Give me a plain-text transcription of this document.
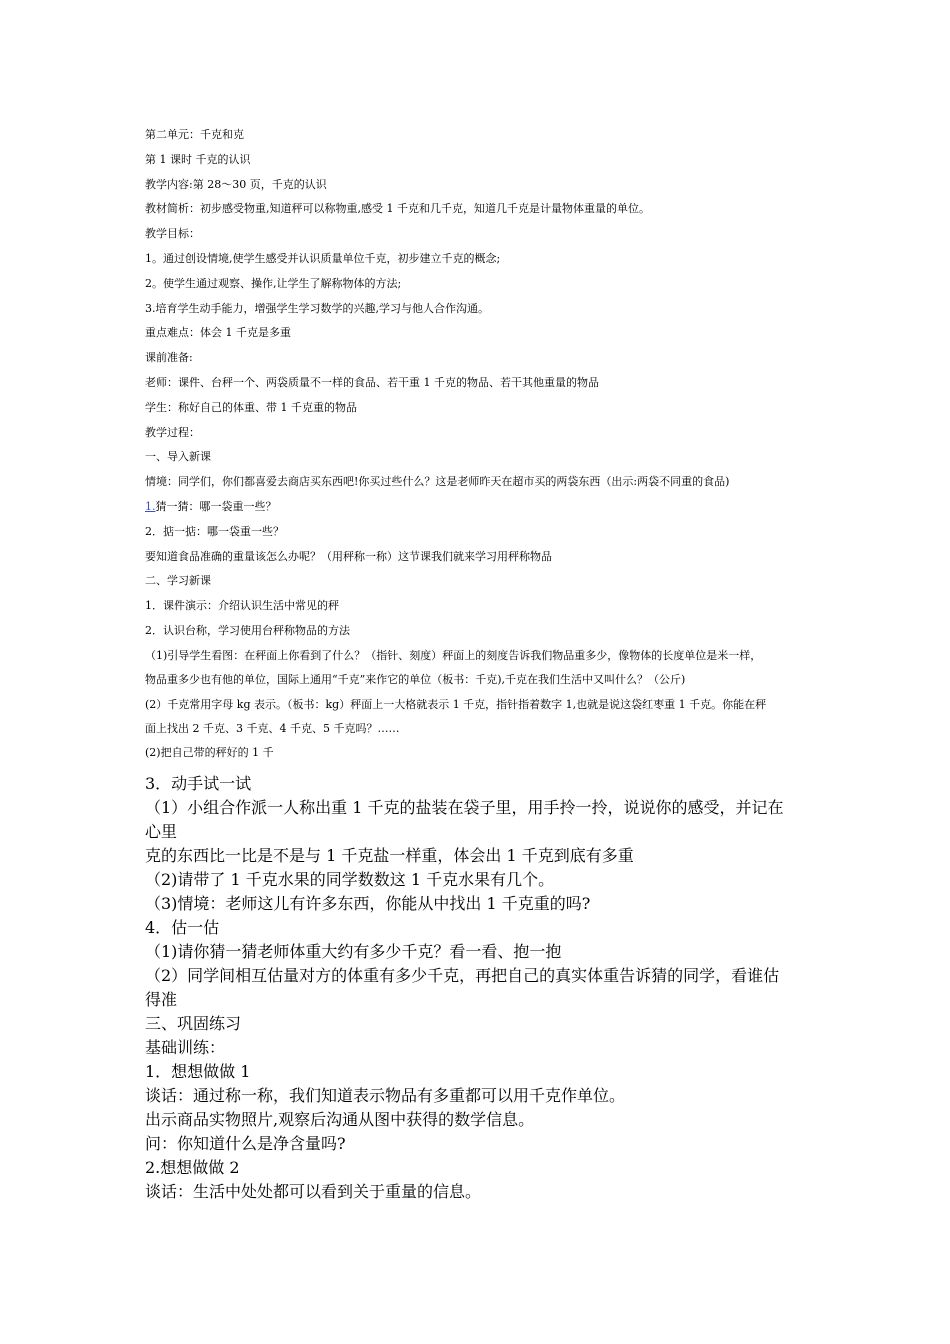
第二单元：千克和克
第 1 课时 千克的认识
教学内容:第 28～30 页，千克的认识
教材简析：初步感受物重,知道秤可以称物重,感受 1 千克和几千克，知道几千克是计量物体重量的单位。
教学目标：
1。通过创设情境,使学生感受并认识质量单位千克，初步建立千克的概念;
2。使学生通过观察、操作,让学生了解称物体的方法;
3.培育学生动手能力，增强学生学习数学的兴趣,学习与他人合作沟通。
重点难点：体会 1 千克是多重
课前准备:
老师：课件、台秤一个、两袋质量不一样的食品、若干重 1 千克的物品、若干其他重量的物品
学生：称好自己的体重、带 1 千克重的物品
教学过程：
一、导入新课
情境：同学们，你们都喜爱去商店买东西吧!你买过些什么？这是老师昨天在超市买的两袋东西（出示:两袋不同重的食品)
1.猜一猜：哪一袋重一些？
2．掂一掂：哪一袋重一些？
要知道食品准确的重量该怎么办呢？（用秤称一称）这节课我们就来学习用秤称物品
二、学习新课
1．课件演示：介绍认识生活中常见的秤
2．认识台称，学习使用台秤称物品的方法
（1)引导学生看图：在秤面上你看到了什么？（指针、刻度）秤面上的刻度告诉我们物品重多少，像物体的长度单位是米一样，
物品重多少也有他的单位，国际上通用“千克”来作它的单位（板书：千克),千克在我们生活中又叫什么？（公斤)
(2）千克常用字母 kg 表示。（板书：kg）秤面上一大格就表示 1 千克，指针指着数字 1,也就是说这袋红枣重 1 千克。你能在秤
面上找出 2 千克、3 千克、4 千克、5 千克吗？……
(2)把自己带的秤好的 1 千
3．动手试一试
（1）小组合作派一人称出重 1 千克的盐装在袋子里，用手拎一拎，说说你的感受，并记在
心里
克的东西比一比是不是与 1 千克盐一样重，体会出 1 千克到底有多重
（2)请带了 1 千克水果的同学数数这 1 千克水果有几个。
（3)情境：老师这儿有许多东西，你能从中找出 1 千克重的吗?
4．估一估
（1)请你猜一猜老师体重大约有多少千克？看一看、抱一抱
（2）同学间相互估量对方的体重有多少千克，再把自己的真实体重告诉猜的同学，看谁估
得准
三、巩固练习
基础训练：
1．想想做做 1
谈话：通过称一称，我们知道表示物品有多重都可以用千克作单位。
出示商品实物照片,观察后沟通从图中获得的数学信息。
问：你知道什么是净含量吗?
2.想想做做 2
谈话：生活中处处都可以看到关于重量的信息。
